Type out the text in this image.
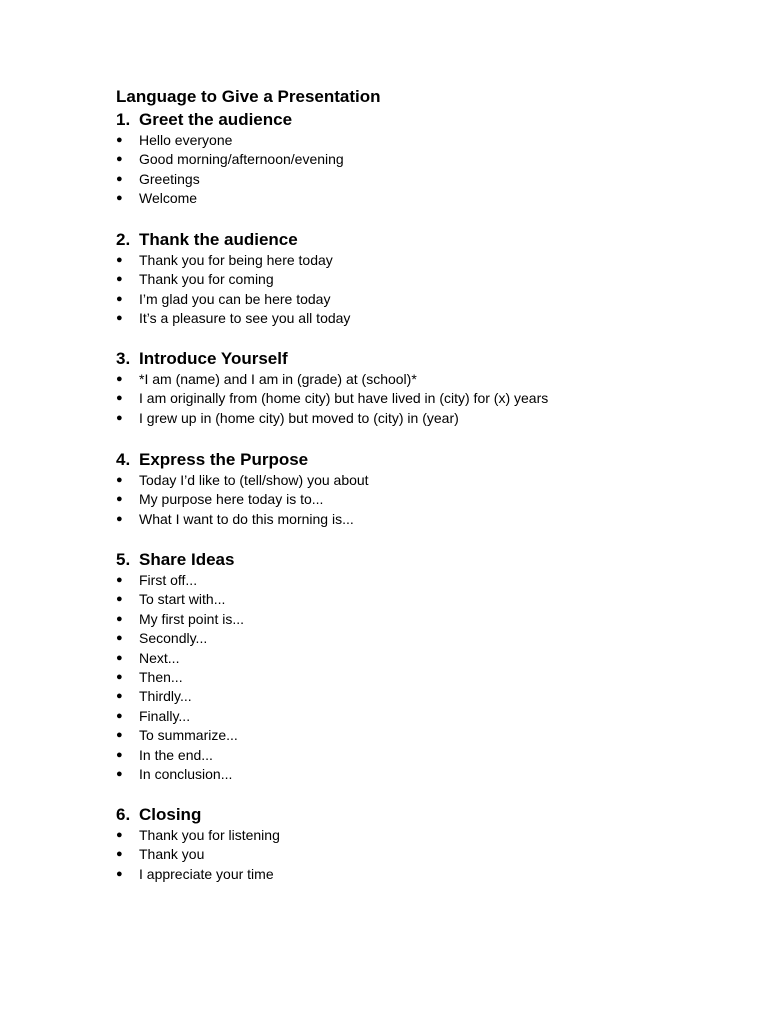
Language to Give a Presentation
1. Greet the audience
● Hello everyone
● Good morning/afternoon/evening
● Greetings
● Welcome
2. Thank the audience
● Thank you for being here today
● Thank you for coming
● I’m glad you can be here today
● It’s a pleasure to see you all today
3. Introduce Yourself
● *I am (name) and I am in (grade) at (school)*
● I am originally from (home city) but have lived in (city) for (x) years
● I grew up in (home city) but moved to (city) in (year)
4. Express the Purpose
● Today I’d like to (tell/show) you about
● My purpose here today is to...
● What I want to do this morning is...
5. Share Ideas
● First off...
● To start with...
● My first point is...
● Secondly...
● Next...
● Then...
● Thirdly...
● Finally...
● To summarize...
● In the end...
● In conclusion...
6. Closing
● Thank you for listening
● Thank you
● I appreciate your time
